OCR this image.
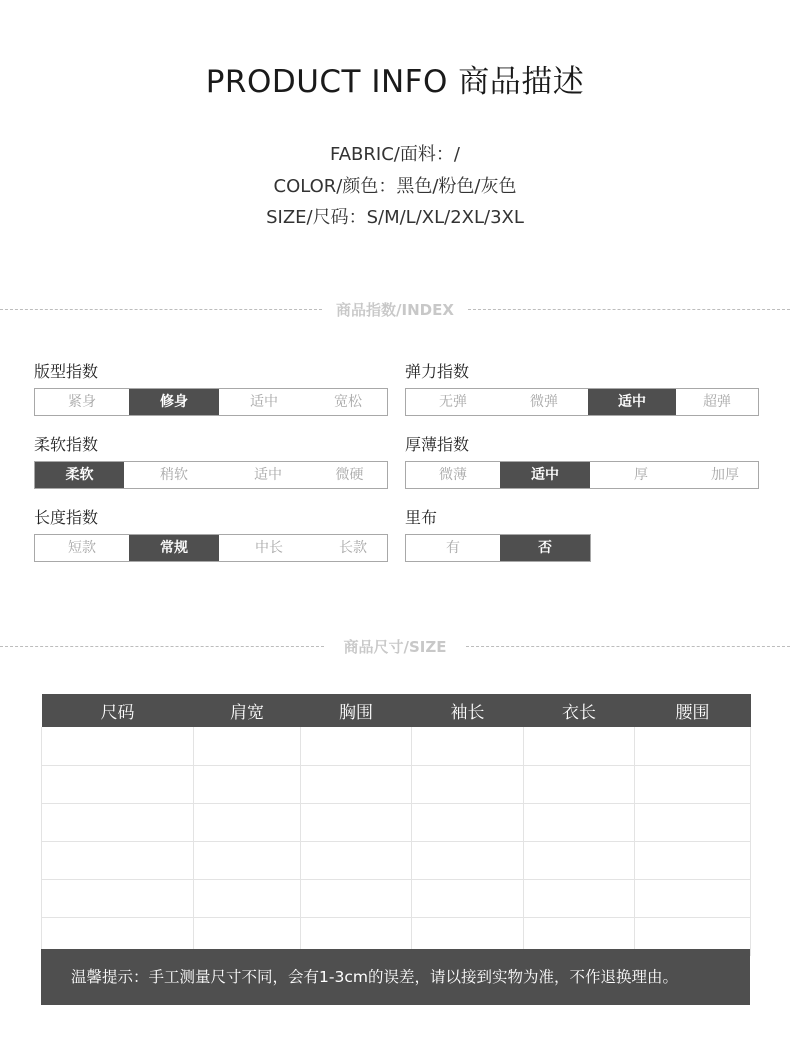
PRODUCT INFO 商品描述
FABRIC/面料：/
COLOR/颜色：黑色/粉色/灰色
SIZE/尺码：S/M/L/XL/2XL/3XL
商品指数/INDEX
版型指数
紧身	修身	适中	宽松
弹力指数
无弹	微弹	适中	超弹
柔软指数
柔软	稍软	适中	微硬
厚薄指数
微薄	适中	厚	加厚
长度指数
短款	常规	中长	长款
里布
有	否
商品尺寸/SIZE
尺码	肩宽	胸围	袖长	衣长	腰围

温馨提示：手工测量尺寸不同，会有1-3cm的误差，请以接到实物为准，不作退换理由。
